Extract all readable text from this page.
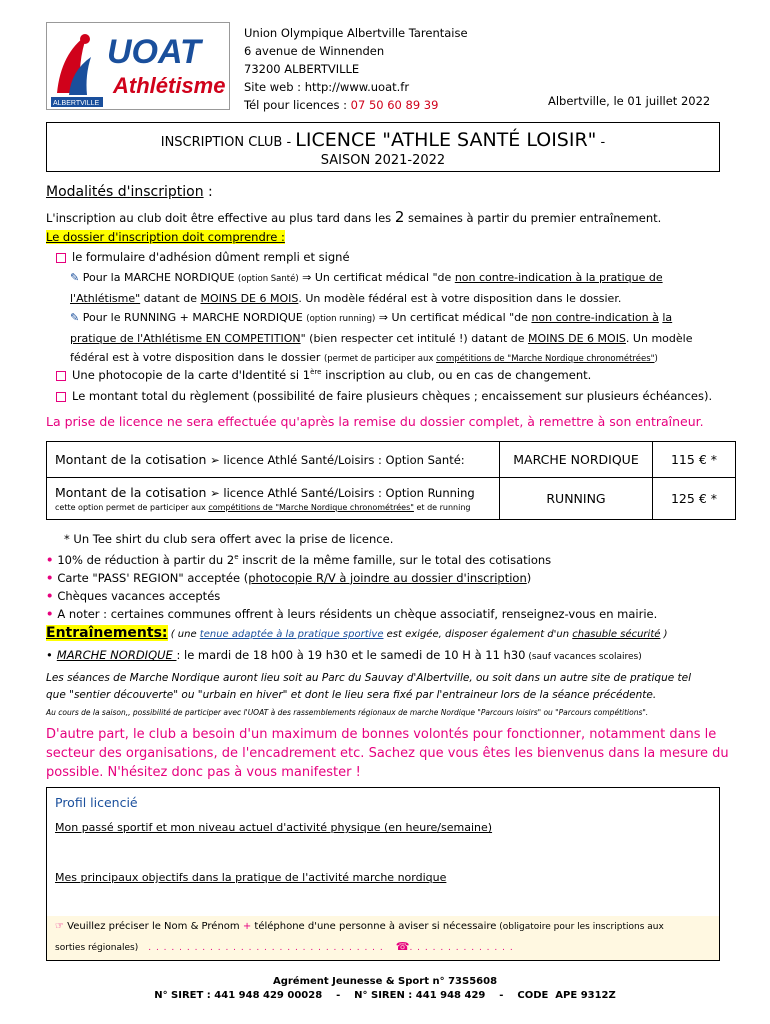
UOAT
Athlétisme
ALBERTVILLE
Union Olympique Albertville Tarentaise
6 avenue de Winnenden
73200 ALBERTVILLE
Site web : http://www.uoat.fr
Tél pour licences : 07 50 60 89 39	Albertville, le 01 juillet 2022
INSCRIPTION CLUB - LICENCE "ATHLE SANTÉ LOISIR" -
SAISON 2021-2022
Modalités d'inscription :
L'inscription au club doit être effective au plus tard dans les 2 semaines à partir du premier entraînement.
Le dossier d'inscription doit comprendre :
le formulaire d'adhésion dûment rempli et signé
✎ Pour la MARCHE NORDIQUE (option Santé) ⇒ Un certificat médical "de non contre-indication à la pratique de l'Athlétisme" datant de MOINS DE 6 MOIS. Un modèle fédéral est à votre disposition dans le dossier.
✎ Pour le RUNNING + MARCHE NORDIQUE (option running) ⇒ Un certificat médical "de non contre-indication à la pratique de l'Athlétisme EN COMPETITION" (bien respecter cet intitulé !) datant de MOINS DE 6 MOIS. Un modèle fédéral est à votre disposition dans le dossier (permet de participer aux compétitions de "Marche Nordique chronométrées")
Une photocopie de la carte d'Identité si 1ère inscription au club, ou en cas de changement.
Le montant total du règlement (possibilité de faire plusieurs chèques ; encaissement sur plusieurs échéances).
La prise de licence ne sera effectuée qu'après la remise du dossier complet, à remettre à son entraîneur.
Montant de la cotisation ➢ licence Athlé Santé/Loisirs : Option Santé:	MARCHE NORDIQUE	115 € *

Montant de la cotisation ➢ licence Athlé Santé/Loisirs : Option Running
cette option permet de participer aux compétitions de "Marche Nordique chronométrées" et de running	RUNNING	125 € *
* Un Tee shirt du club sera offert avec la prise de licence.
• 10% de réduction à partir du 2e inscrit de la même famille, sur le total des cotisations
• Carte "PASS' REGION" acceptée (photocopie R/V à joindre au dossier d'inscription)
• Chèques vacances acceptés
• A noter : certaines communes offrent à leurs résidents un chèque associatif, renseignez-vous en mairie.
Entraînements: ( une tenue adaptée à la pratique sportive est exigée, disposer également d'un chasuble sécurité )
• MARCHE NORDIQUE : le mardi de 18 h00 à 19 h30 et le samedi de 10 H à 11 h30 (sauf vacances scolaires)
Les séances de Marche Nordique auront lieu soit au Parc du Sauvay d'Albertville, ou soit dans un autre site de pratique tel
que "sentier découverte" ou "urbain en hiver" et dont le lieu sera fixé par l'entraineur lors de la séance précédente.
Au cours de la saison,, possibilité de participer avec l'UOAT à des rassemblements régionaux de marche Nordique "Parcours loisirs" ou "Parcours compétitions".
D'autre part, le club a besoin d'un maximum de bonnes volontés pour fonctionner, notamment dans le
secteur des organisations, de l'encadrement etc. Sachez que vous êtes les bienvenus dans la mesure du
possible. N'hésitez donc pas à vous manifester !
Profil licencié
Mon passé sportif et mon niveau actuel d'activité physique (en heure/semaine)
Mes principaux objectifs dans la pratique de l'activité marche nordique
☞ Veuillez préciser le Nom & Prénom + téléphone d'une personne à aviser si nécessaire (obligatoire pour les inscriptions aux
sorties régionales) . . . . . . . . . . . . . . . . . . . . . . . . . . . . . . . ☎. . . . . . . . . . . . . .
Agrément Jeunesse & Sport n° 73S5608
N° SIRET : 441 948 429 00028    -    N° SIREN : 441 948 429    -    CODE  APE 9312Z
